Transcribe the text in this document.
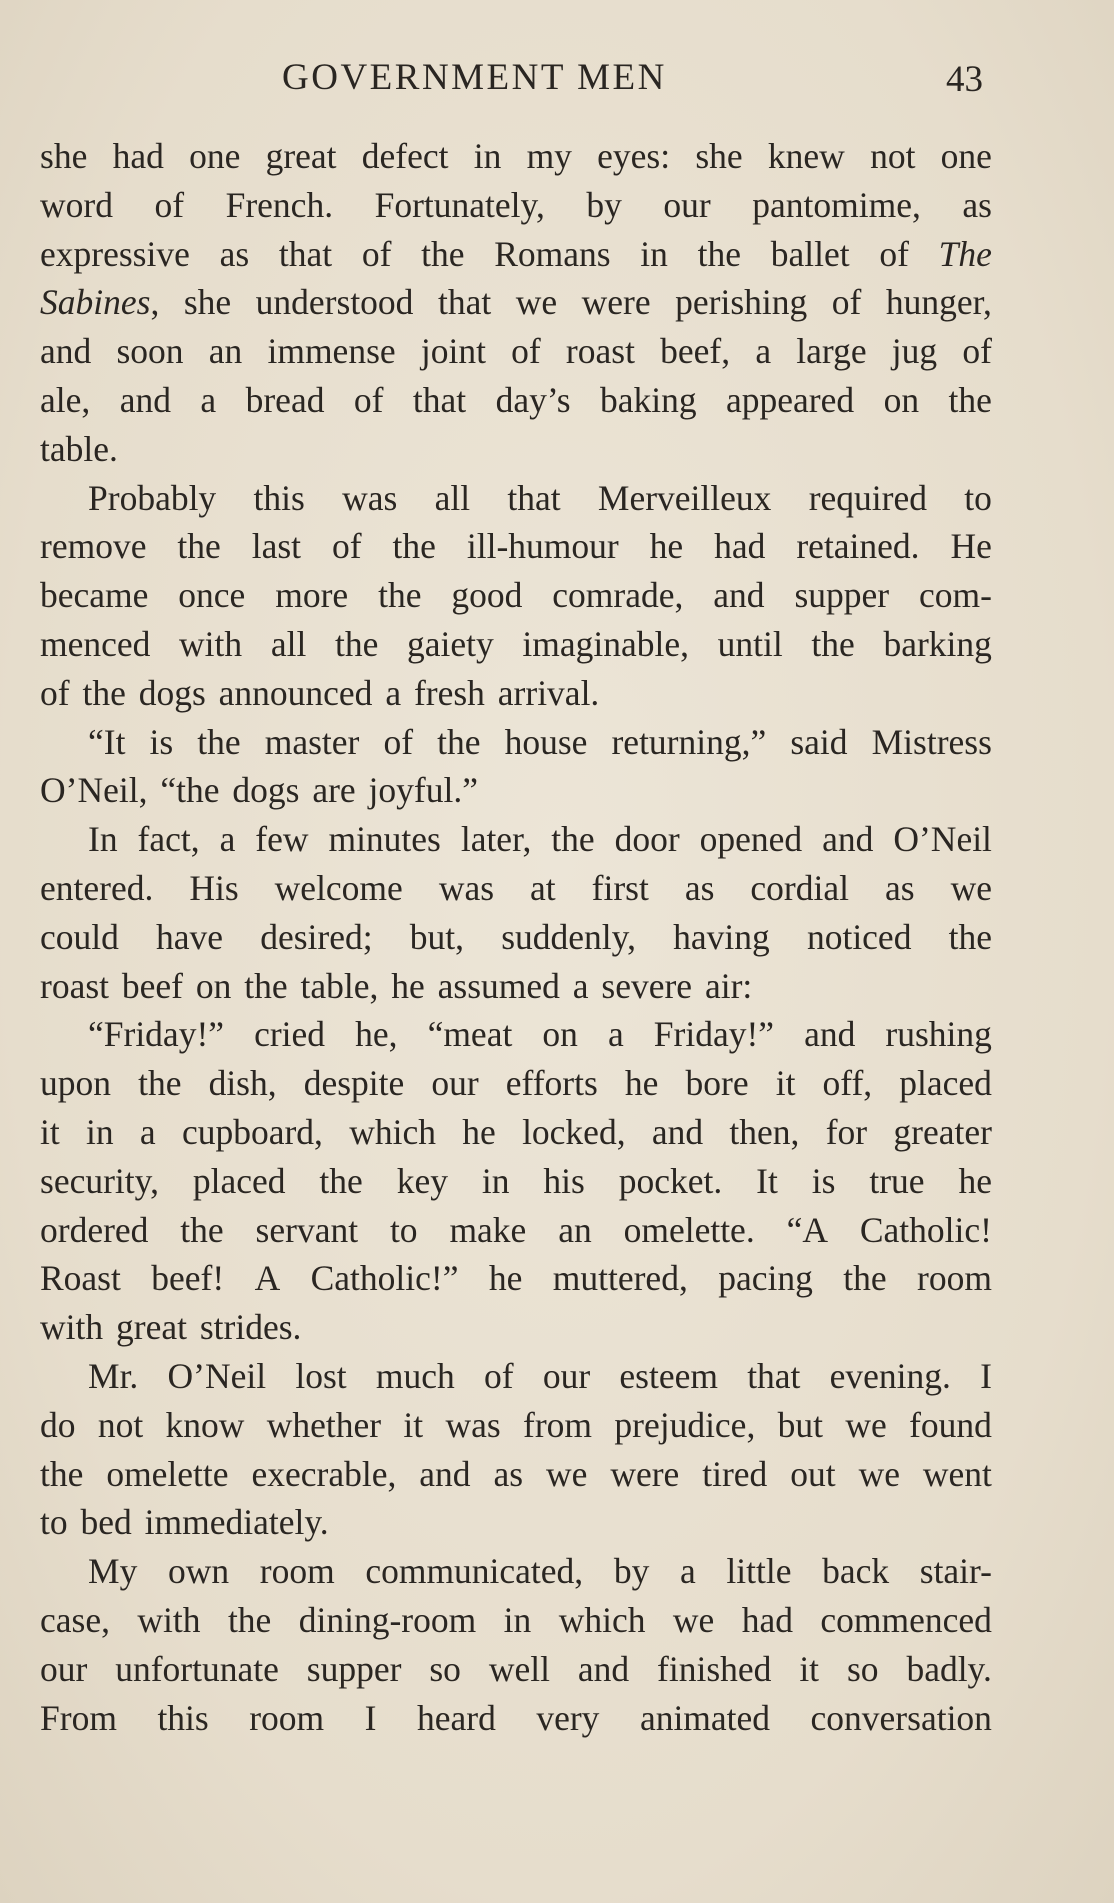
GOVERNMENT MEN	43
she had one great defect in my eyes: she knew not one
word of French. Fortunately, by our pantomime, as
expressive as that of the Romans in the ballet of The
Sabines, she understood that we were perishing of hunger,
and soon an immense joint of roast beef, a large jug of
ale, and a bread of that day’s baking appeared on the
table.
Probably this was all that Merveilleux required to
remove the last of the ill-humour he had retained. He
became once more the good comrade, and supper com-
menced with all the gaiety imaginable, until the barking
of the dogs announced a fresh arrival.
“It is the master of the house returning,” said Mistress
O’Neil, “the dogs are joyful.”
In fact, a few minutes later, the door opened and O’Neil
entered. His welcome was at first as cordial as we
could have desired; but, suddenly, having noticed the
roast beef on the table, he assumed a severe air:
“Friday!” cried he, “meat on a Friday!” and rushing
upon the dish, despite our efforts he bore it off, placed
it in a cupboard, which he locked, and then, for greater
security, placed the key in his pocket. It is true he
ordered the servant to make an omelette. “A Catholic!
Roast beef! A Catholic!” he muttered, pacing the room
with great strides.
Mr. O’Neil lost much of our esteem that evening. I
do not know whether it was from prejudice, but we found
the omelette execrable, and as we were tired out we went
to bed immediately.
My own room communicated, by a little back stair-
case, with the dining-room in which we had commenced
our unfortunate supper so well and finished it so badly.
From this room I heard very animated conversation
